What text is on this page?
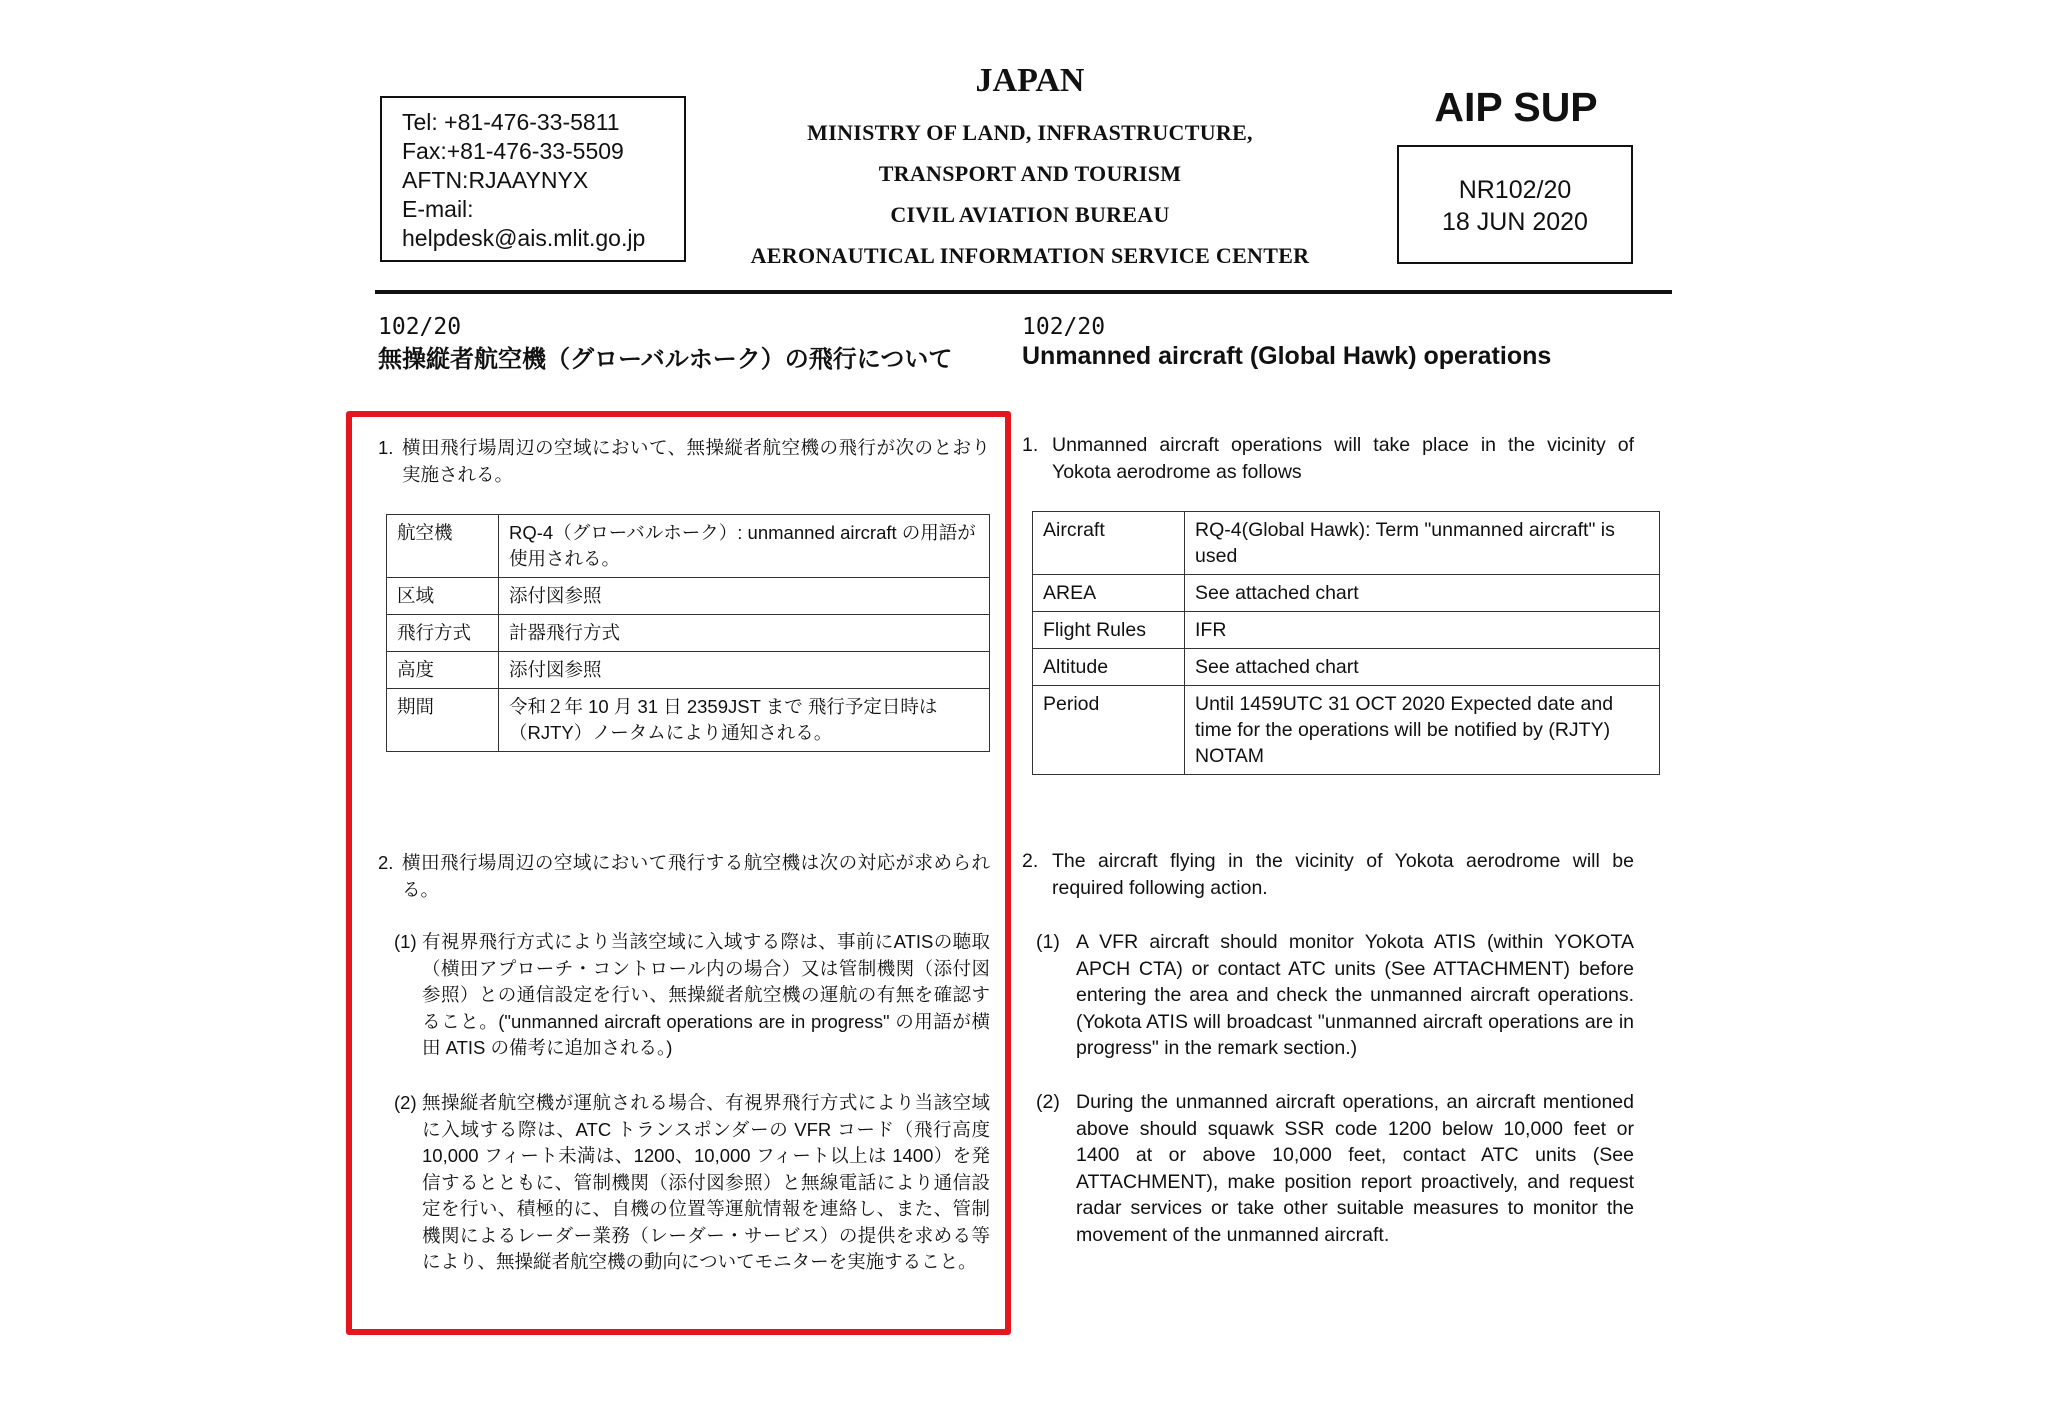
Tel: +81-476-33-5811
Fax:+81-476-33-5509
AFTN:RJAAYNYX
E-mail:
helpdesk@ais.mlit.go.jp
JAPAN
MINISTRY OF LAND, INFRASTRUCTURE,
TRANSPORT AND TOURISM
CIVIL AVIATION BUREAU
AERONAUTICAL INFORMATION SERVICE CENTER
AIP SUP
NR102/20
18 JUN 2020
102/20
無操縦者航空機（グローバルホーク）の飛行について
1. 横田飛行場周辺の空域において、無操縦者航空機の飛行が次のとおり実施される。
航空機	RQ-4（グローバルホーク）: unmanned aircraft の用語が使用される。
区域	添付図参照
飛行方式	計器飛行方式
高度	添付図参照
期間	令和２年 10 月 31 日 2359JST まで 飛行予定日時は（RJTY）ノータムにより通知される。
2. 横田飛行場周辺の空域において飛行する航空機は次の対応が求められる。
(1) 有視界飛行方式により当該空域に入域する際は、事前にATISの聴取（横田アプローチ・コントロール内の場合）又は管制機関（添付図参照）との通信設定を行い、無操縦者航空機の運航の有無を確認すること。("unmanned aircraft operations are in progress" の用語が横田 ATIS の備考に追加される。)
(2) 無操縦者航空機が運航される場合、有視界飛行方式により当該空域に入域する際は、ATC トランスポンダーの VFR コード（飛行高度 10,000 フィート未満は、1200、10,000 フィート以上は 1400）を発信するとともに、管制機関（添付図参照）と無線電話により通信設定を行い、積極的に、自機の位置等運航情報を連絡し、また、管制機関によるレーダー業務（レーダー・サービス）の提供を求める等により、無操縦者航空機の動向についてモニターを実施すること。
102/20
Unmanned aircraft (Global Hawk) operations
1. Unmanned aircraft operations will take place in the vicinity of Yokota aerodrome as follows
Aircraft	RQ-4(Global Hawk): Term "unmanned aircraft" is used
AREA	See attached chart
Flight Rules	IFR
Altitude	See attached chart
Period	Until 1459UTC 31 OCT 2020 Expected date and time for the operations will be notified by (RJTY) NOTAM
2. The aircraft flying in the vicinity of Yokota aerodrome will be required following action.
(1) A VFR aircraft should monitor Yokota ATIS (within YOKOTA APCH CTA) or contact ATC units (See ATTACHMENT) before entering the area and check the unmanned aircraft operations. (Yokota ATIS will broadcast "unmanned aircraft operations are in progress" in the remark section.)
(2) During the unmanned aircraft operations, an aircraft mentioned above should squawk SSR code 1200 below 10,000 feet or 1400 at or above 10,000 feet, contact ATC units (See ATTACHMENT), make position report proactively, and request radar services or take other suitable measures to monitor the movement of the unmanned aircraft.
